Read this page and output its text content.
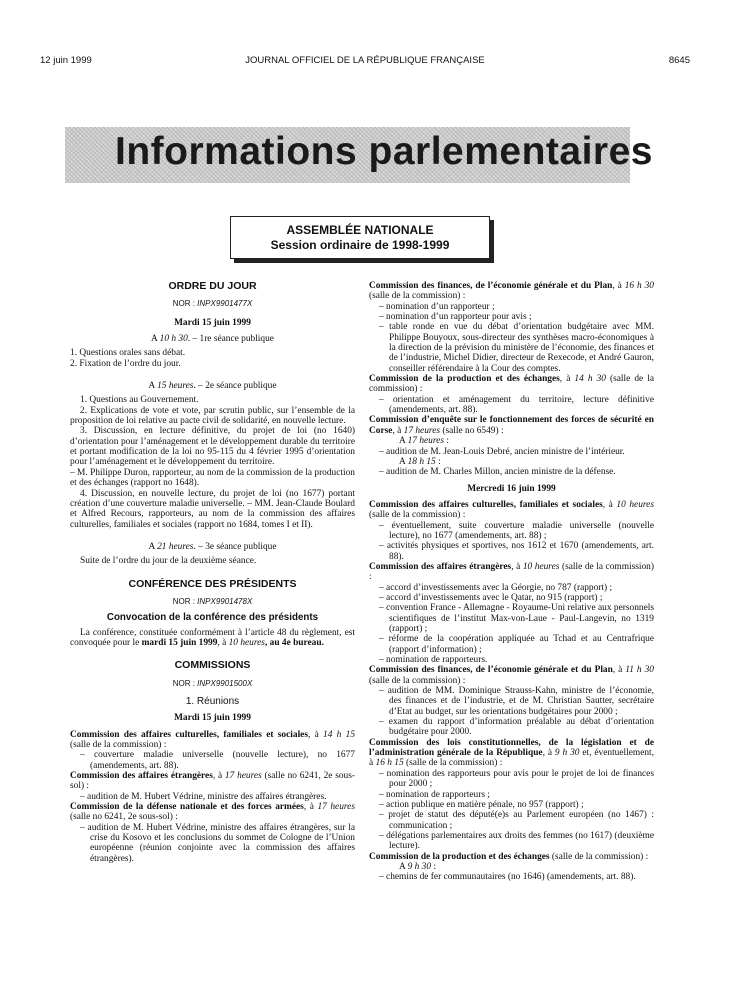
12 juin 1999	JOURNAL OFFICIEL DE LA RÉPUBLIQUE FRANÇAISE	8645
Informations parlementaires
ASSEMBLÉE NATIONALE
Session ordinaire de 1998-1999
ORDRE DU JOUR
NOR : INPX9901477X
Mardi 15 juin 1999
A 10 h 30. – 1re séance publique
1. Questions orales sans débat.
2. Fixation de l’ordre du jour.
A 15 heures. – 2e séance publique

1. Questions au Gouvernement.

2. Explications de vote et vote, par scrutin public, sur l’ensemble de la proposition de loi relative au pacte civil de solidarité, en nouvelle lecture.

3. Discussion, en lecture définitive, du projet de loi (no 1640) d’orientation pour l’aménagement et le développement durable du territoire et portant modification de la loi no 95-115 du 4 février 1995 d’orientation pour l’aménagement et le développement du territoire.

– M. Philippe Duron, rapporteur, au nom de la commission de la production et des échanges (rapport no 1648).

4. Discussion, en nouvelle lecture, du projet de loi (no 1677) portant création d’une couverture maladie universelle. – MM. Jean-Claude Boulard et Alfred Recours, rapporteurs, au nom de la commission des affaires culturelles, familiales et sociales (rapport no 1684, tomes I et II).

A 21 heures. – 3e séance publique

Suite de l’ordre du jour de la deuxième séance.

CONFÉRENCE DES PRÉSIDENTS
NOR : INPX9901478X
Convocation de la conférence des présidents

La conférence, constituée conformément à l’article 48 du règlement, est convoquée pour le mardi 15 juin 1999, à 10 heures, au 4e bureau.

COMMISSIONS
NOR : INPX9901500X
1. Réunions
Mardi 15 juin 1999

Commission des affaires culturelles, familiales et sociales, à 14 h 15 (salle de la commission) :

– couverture maladie universelle (nouvelle lecture), no 1677 (amendements, art. 88).

Commission des affaires étrangères, à 17 heures (salle no 6241, 2e sous-sol) :

– audition de M. Hubert Védrine, ministre des affaires étrangères.

Commission de la défense nationale et des forces armées, à 17 heures (salle no 6241, 2e sous-sol) :

– audition de M. Hubert Védrine, ministre des affaires étrangères, sur la crise du Kosovo et les conclusions du sommet de Cologne de l’Union européenne (réunion conjointe avec la commission des affaires étrangères).

Commission des finances, de l’économie générale et du Plan, à 16 h 30 (salle de la commission) :

– nomination d’un rapporteur ;
– nomination d’un rapporteur pour avis ;
– table ronde en vue du débat d’orientation budgétaire avec MM. Philippe Bouyoux, sous-directeur des synthèses macro-économiques à la direction de la prévision du ministère de l’économie, des finances et de l’industrie, Michel Didier, directeur de Rexecode, et André Gauron, conseiller référendaire à la Cour des comptes.

Commission de la production et des échanges, à 14 h 30 (salle de la commission) :

– orientation et aménagement du territoire, lecture définitive (amendements, art. 88).

Commission d’enquête sur le fonctionnement des forces de sécurité en Corse, à 17 heures (salle no 6549) :

A 17 heures :
– audition de M. Jean-Louis Debré, ancien ministre de l’intérieur.
A 18 h 15 :
– audition de M. Charles Millon, ancien ministre de la défense.
Mercredi 16 juin 1999

Commission des affaires culturelles, familiales et sociales, à 10 heures (salle de la commission) :

– éventuellement, suite couverture maladie universelle (nouvelle lecture), no 1677 (amendements, art. 88) ;
– activités physiques et sportives, nos 1612 et 1670 (amendements, art. 88).

Commission des affaires étrangères, à 10 heures (salle de la commission) :

– accord d’investissements avec la Géorgie, no 787 (rapport) ;
– accord d’investissements avec le Qatar, no 915 (rapport) ;
– convention France - Allemagne - Royaume-Uni relative aux personnels scientifiques de l’institut Max-von-Laue - Paul-Langevin, no 1319 (rapport) ;
– réforme de la coopération appliquée au Tchad et au Centrafrique (rapport d’information) ;
– nomination de rapporteurs.

Commission des finances, de l’économie générale et du Plan, à 11 h 30 (salle de la commission) :

– audition de MM. Dominique Strauss-Kahn, ministre de l’économie, des finances et de l’industrie, et de M. Christian Sautter, secrétaire d’Etat au budget, sur les orientations budgétaires pour 2000 ;
– examen du rapport d’information préalable au débat d’orientation budgétaire pour 2000.

Commission des lois constitutionnelles, de la législation et de l’administration générale de la République, à 9 h 30 et, éventuellement, à 16 h 15 (salle de la commission) :

– nomination des rapporteurs pour avis pour le projet de loi de finances pour 2000 ;
– nomination de rapporteurs ;
– action publique en matière pénale, no 957 (rapport) ;
– projet de statut des député(e)s au Parlement européen (no 1467) : communication ;
– délégations parlementaires aux droits des femmes (no 1617) (deuxième lecture).

Commission de la production et des échanges (salle de la commission) :

A 9 h 30 :
– chemins de fer communautaires (no 1646) (amendements, art. 88).
